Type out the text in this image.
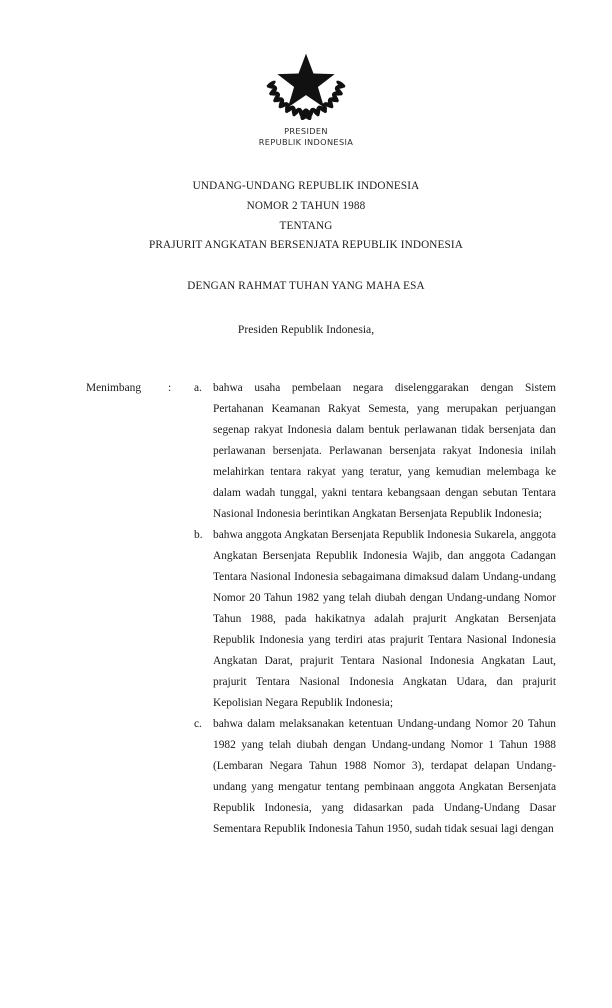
PRESIDEN
REPUBLIK INDONESIA
UNDANG-UNDANG REPUBLIK INDONESIA
NOMOR 2 TAHUN 1988
TENTANG
PRAJURIT ANGKATAN BERSENJATA REPUBLIK INDONESIA
DENGAN RAHMAT TUHAN YANG MAHA ESA
Presiden Republik Indonesia,
Menimbang	:	a. bahwa usaha pembelaan negara diselenggarakan dengan Sistem Pertahanan Keamanan Rakyat Semesta, yang merupakan perjuangan segenap rakyat Indonesia dalam bentuk perlawanan tidak bersenjata dan perlawanan bersenjata. Perlawanan bersenjata rakyat Indonesia inilah melahirkan tentara rakyat yang teratur, yang kemudian melembaga ke dalam wadah tunggal, yakni tentara kebangsaan dengan sebutan Tentara Nasional Indonesia berintikan Angkatan Bersenjata Republik Indonesia;
b. bahwa anggota Angkatan Bersenjata Republik Indonesia Sukarela, anggota Angkatan Bersenjata Republik Indonesia Wajib, dan anggota Cadangan Tentara Nasional Indonesia sebagaimana dimaksud dalam Undang-undang Nomor 20 Tahun 1982 yang telah diubah dengan Undang-undang Nomor Tahun 1988, pada hakikatnya adalah prajurit Angkatan Bersenjata Republik Indonesia yang terdiri atas prajurit Tentara Nasional Indonesia Angkatan Darat, prajurit Tentara Nasional Indonesia Angkatan Laut, prajurit Tentara Nasional Indonesia Angkatan Udara, dan prajurit Kepolisian Negara Republik Indonesia;
c. bahwa dalam melaksanakan ketentuan Undang-undang Nomor 20 Tahun 1982 yang telah diubah dengan Undang-undang Nomor 1 Tahun 1988 (Lembaran Negara Tahun 1988 Nomor 3), terdapat delapan Undang- undang yang mengatur tentang pembinaan anggota Angkatan Bersenjata Republik Indonesia, yang didasarkan pada Undang-Undang Dasar Sementara Republik Indonesia Tahun 1950, sudah tidak sesuai lagi dengan
